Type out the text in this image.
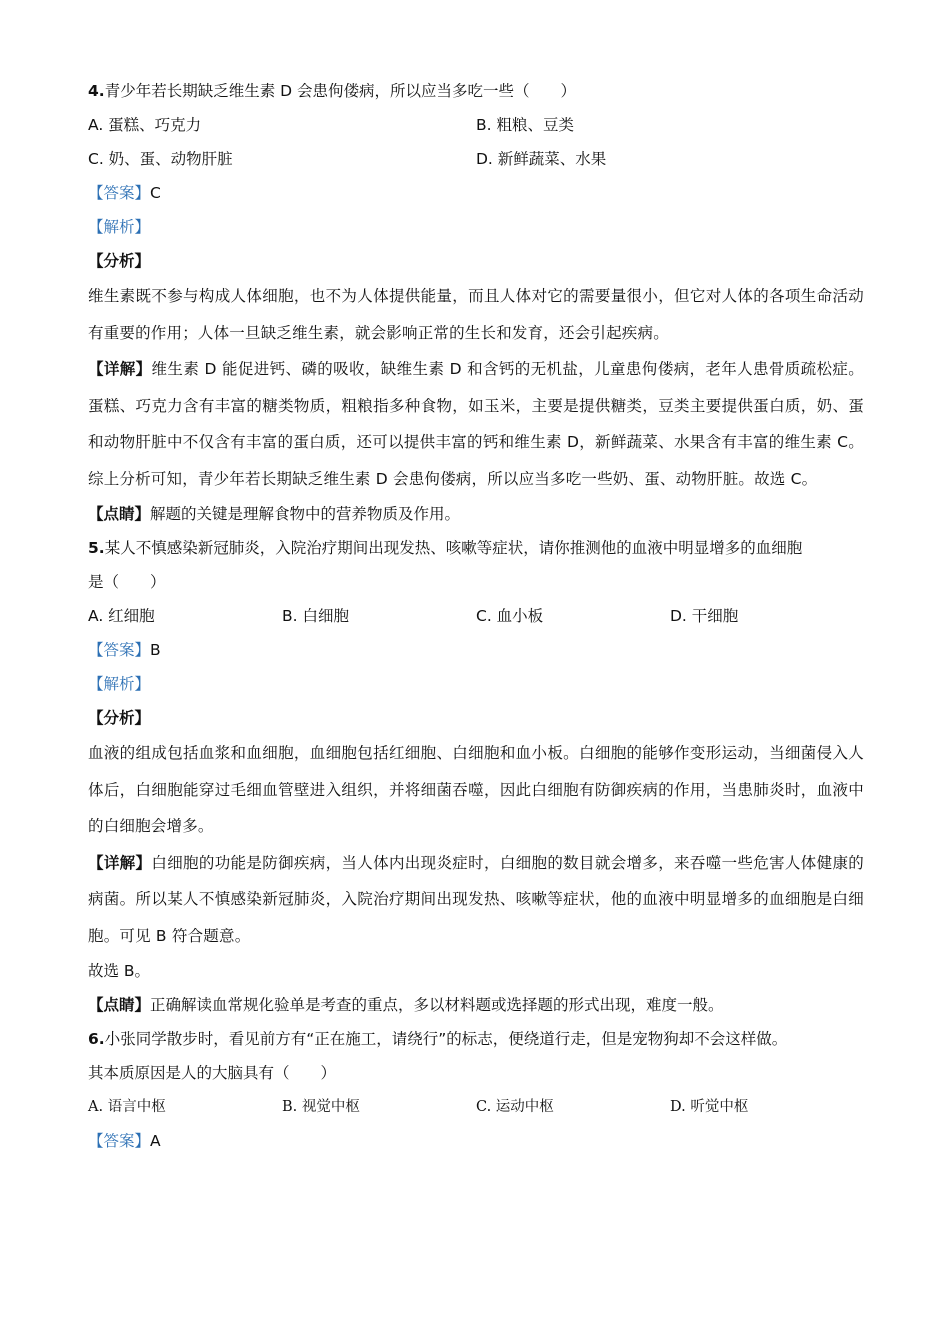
4.青少年若长期缺乏维生素 D 会患佝偻病，所以应当多吃一些（　　）
A. 蛋糕、巧克力	B. 粗粮、豆类
C. 奶、蛋、动物肝脏	D. 新鲜蔬菜、水果
【答案】C
【解析】
【分析】
维生素既不参与构成人体细胞，也不为人体提供能量，而且人体对它的需要量很小，但它对人体的各项生命活动有重要的作用；人体一旦缺乏维生素，就会影响正常的生长和发育，还会引起疾病。
【详解】维生素 D 能促进钙、磷的吸收，缺维生素 D 和含钙的无机盐，儿童患佝偻病，老年人患骨质疏松症。蛋糕、巧克力含有丰富的糖类物质，粗粮指多种食物，如玉米，主要是提供糖类，豆类主要提供蛋白质，奶、蛋和动物肝脏中不仅含有丰富的蛋白质，还可以提供丰富的钙和维生素 D，新鲜蔬菜、水果含有丰富的维生素 C。综上分析可知，青少年若长期缺乏维生素 D 会患佝偻病，所以应当多吃一些奶、蛋、动物肝脏。故选 C。
【点睛】解题的关键是理解食物中的营养物质及作用。
5.某人不慎感染新冠肺炎，入院治疗期间出现发热、咳嗽等症状，请你推测他的血液中明显增多的血细胞
是（　　）
A. 红细胞	B. 白细胞	C. 血小板	D. 干细胞
【答案】B
【解析】
【分析】
血液的组成包括血浆和血细胞，血细胞包括红细胞、白细胞和血小板。白细胞的能够作变形运动，当细菌侵入人体后，白细胞能穿过毛细血管壁进入组织，并将细菌吞噬，因此白细胞有防御疾病的作用，当患肺炎时，血液中的白细胞会增多。
【详解】白细胞的功能是防御疾病，当人体内出现炎症时，白细胞的数目就会增多，来吞噬一些危害人体健康的病菌。所以某人不慎感染新冠肺炎，入院治疗期间出现发热、咳嗽等症状，他的血液中明显增多的血细胞是白细胞。可见 B 符合题意。
故选 B。
【点睛】正确解读血常规化验单是考查的重点，多以材料题或选择题的形式出现，难度一般。
6.小张同学散步时，看见前方有“正在施工，请绕行”的标志，便绕道行走，但是宠物狗却不会这样做。
其本质原因是人的大脑具有（　　）
A. 语言中枢	B. 视觉中枢	C. 运动中枢	D. 听觉中枢
【答案】A
